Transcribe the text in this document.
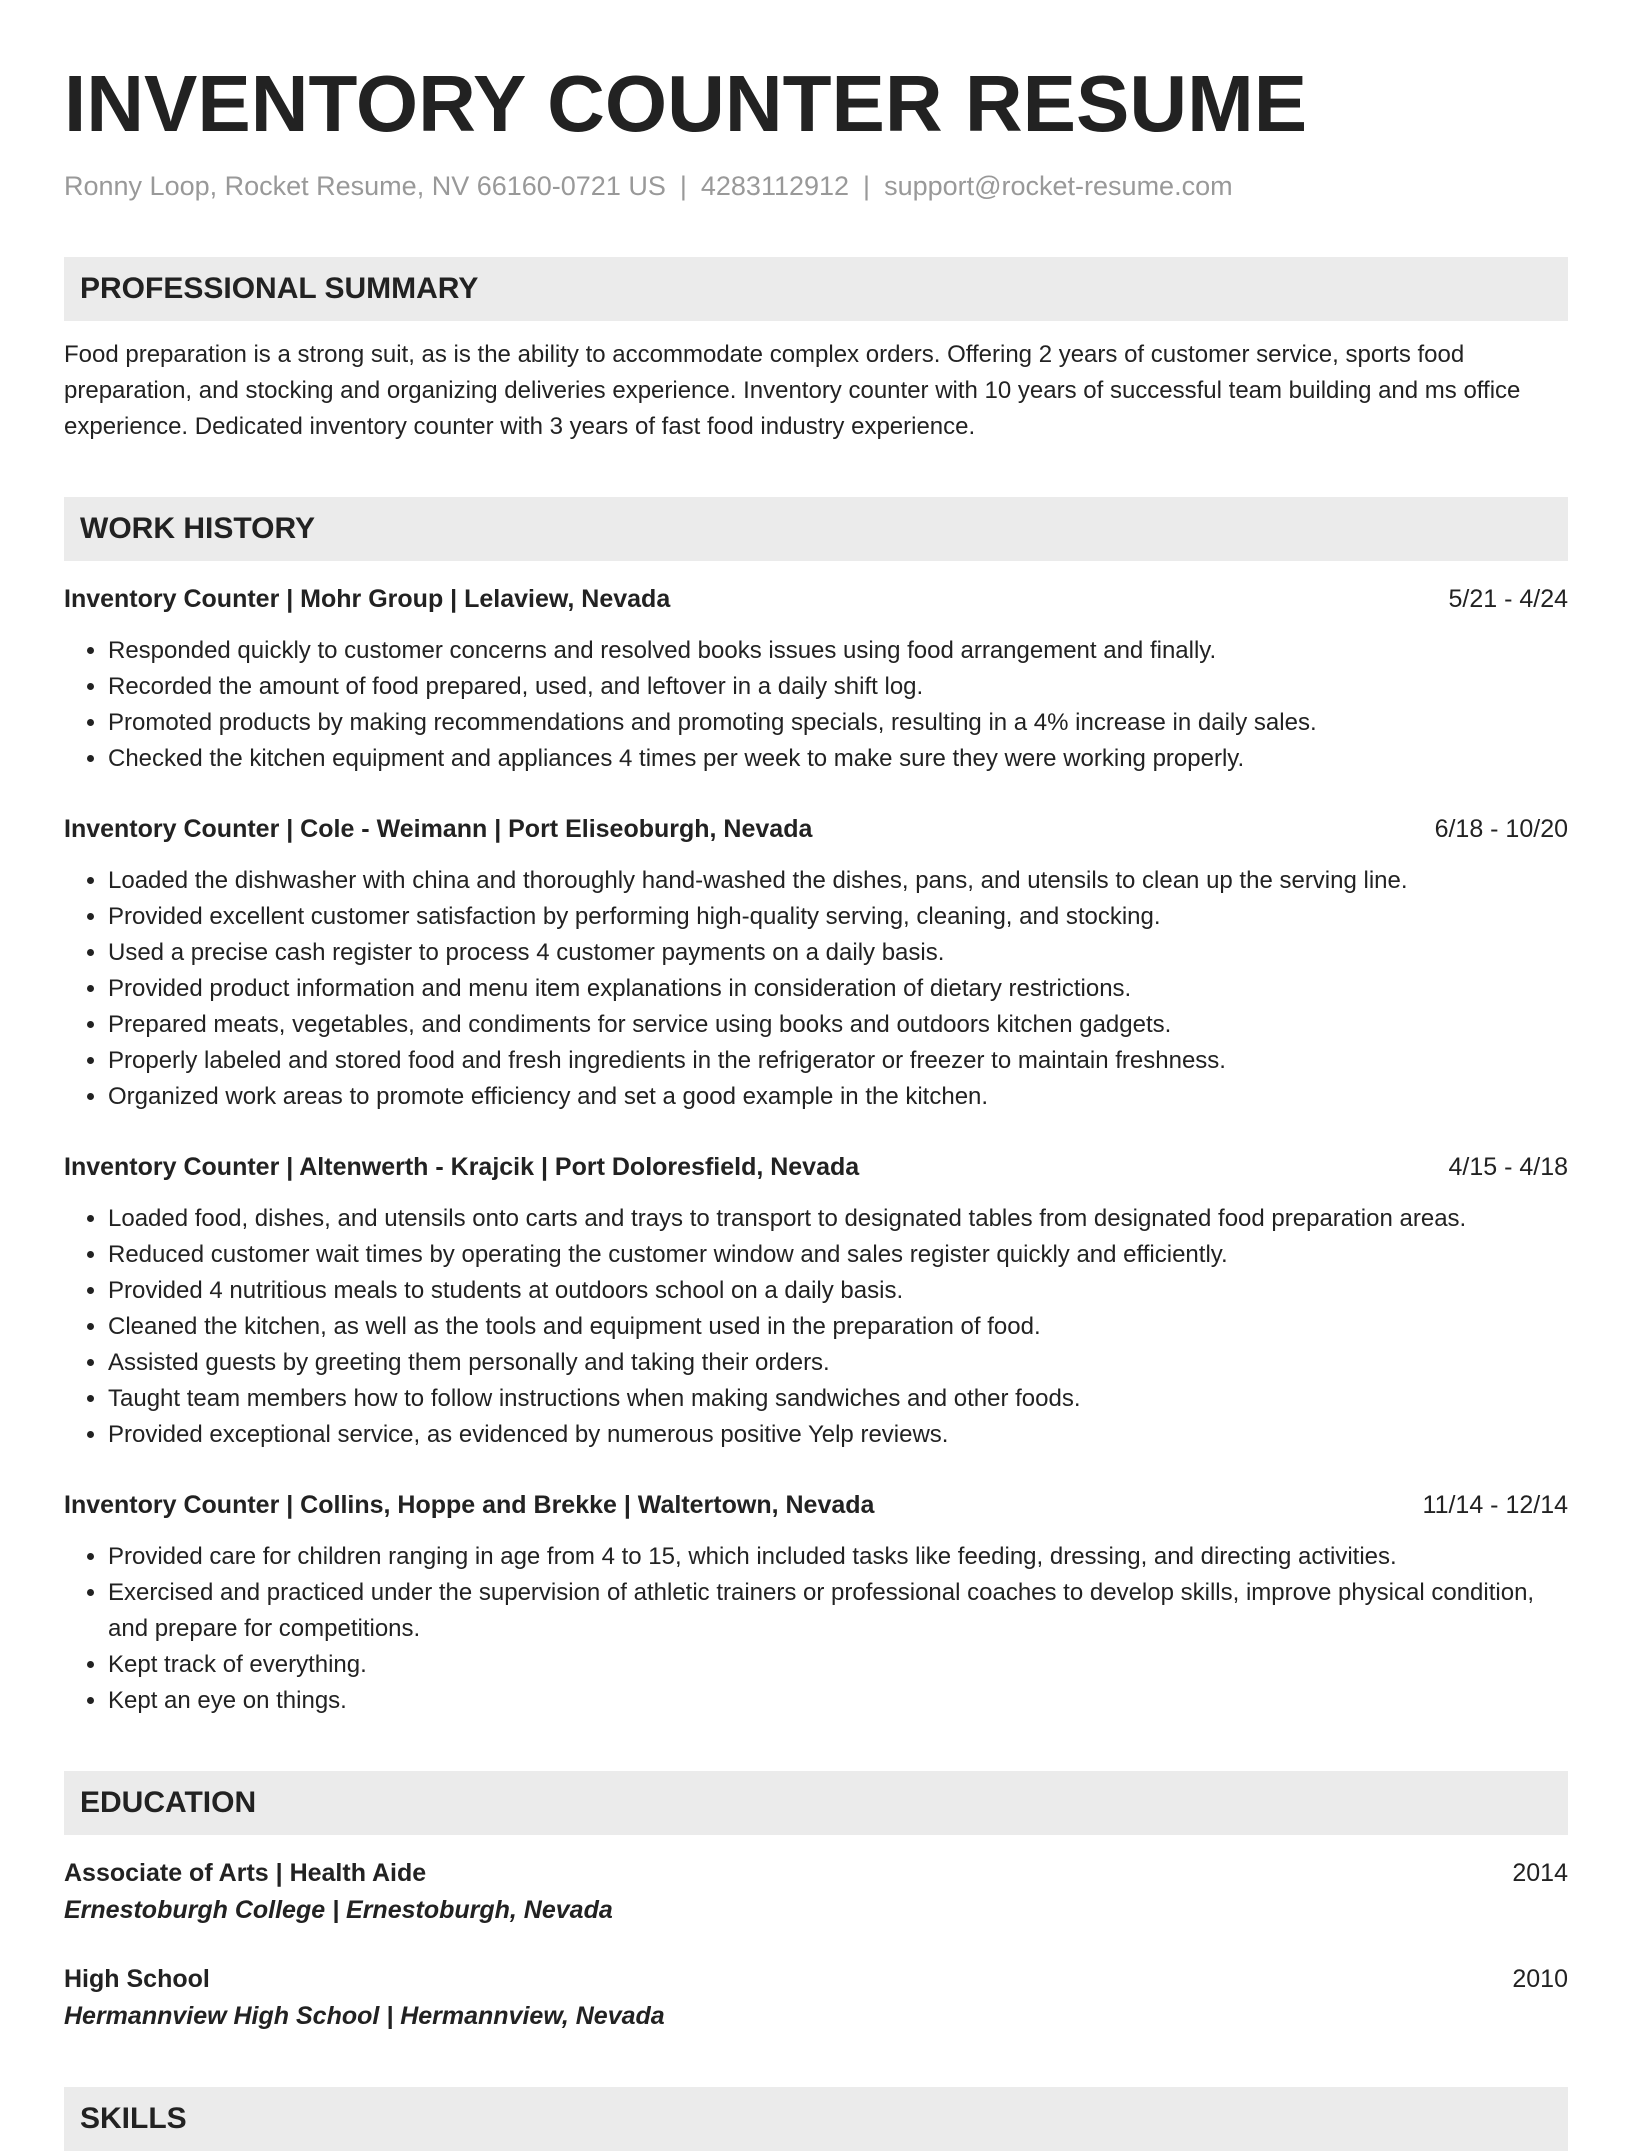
INVENTORY COUNTER RESUME
Ronny Loop, Rocket Resume, NV 66160-0721 US | 4283112912 | support@rocket-resume.com
PROFESSIONAL SUMMARY

Food preparation is a strong suit, as is the ability to accommodate complex orders. Offering 2 years of customer service, sports food preparation, and stocking and organizing deliveries experience. Inventory counter with 10 years of successful team building and ms office experience. Dedicated inventory counter with 3 years of fast food industry experience.

WORK HISTORY
Inventory Counter | Mohr Group | Lelaview, Nevada	5/21 - 4/24
• Responded quickly to customer concerns and resolved books issues using food arrangement and finally.
• Recorded the amount of food prepared, used, and leftover in a daily shift log.
• Promoted products by making recommendations and promoting specials, resulting in a 4% increase in daily sales.
• Checked the kitchen equipment and appliances 4 times per week to make sure they were working properly.
Inventory Counter | Cole - Weimann | Port Eliseoburgh, Nevada	6/18 - 10/20
• Loaded the dishwasher with china and thoroughly hand-washed the dishes, pans, and utensils to clean up the serving line.
• Provided excellent customer satisfaction by performing high-quality serving, cleaning, and stocking.
• Used a precise cash register to process 4 customer payments on a daily basis.
• Provided product information and menu item explanations in consideration of dietary restrictions.
• Prepared meats, vegetables, and condiments for service using books and outdoors kitchen gadgets.
• Properly labeled and stored food and fresh ingredients in the refrigerator or freezer to maintain freshness.
• Organized work areas to promote efficiency and set a good example in the kitchen.
Inventory Counter | Altenwerth - Krajcik | Port Doloresfield, Nevada	4/15 - 4/18
• Loaded food, dishes, and utensils onto carts and trays to transport to designated tables from designated food preparation areas.
• Reduced customer wait times by operating the customer window and sales register quickly and efficiently.
• Provided 4 nutritious meals to students at outdoors school on a daily basis.
• Cleaned the kitchen, as well as the tools and equipment used in the preparation of food.
• Assisted guests by greeting them personally and taking their orders.
• Taught team members how to follow instructions when making sandwiches and other foods.
• Provided exceptional service, as evidenced by numerous positive Yelp reviews.
Inventory Counter | Collins, Hoppe and Brekke | Waltertown, Nevada	11/14 - 12/14
• Provided care for children ranging in age from 4 to 15, which included tasks like feeding, dressing, and directing activities.
• Exercised and practiced under the supervision of athletic trainers or professional coaches to develop skills, improve physical condition, and prepare for competitions.
• Kept track of everything.
• Kept an eye on things.
EDUCATION
Associate of Arts | Health Aide	2014
Ernestoburgh College | Ernestoburgh, Nevada
High School	2010
Hermannview High School | Hermannview, Nevada
SKILLS
